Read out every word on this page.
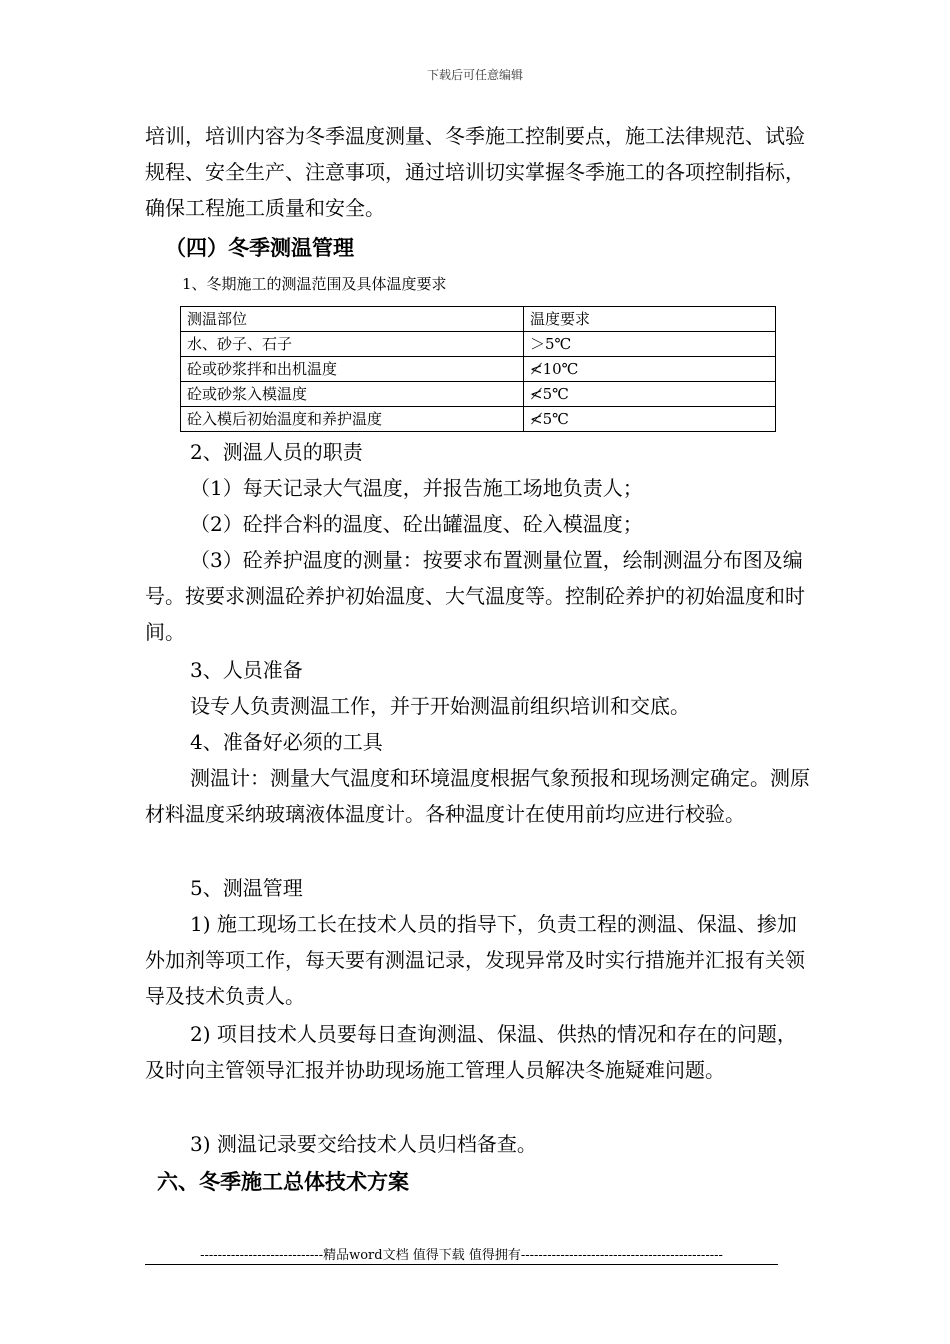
下载后可任意编辑

培训，培训内容为冬季温度测量、冬季施工控制要点，施工法律规范、试验规程、安全生产、注意事项，通过培训切实掌握冬季施工的各项控制指标，确保工程施工质量和安全。

（四）冬季测温管理

1、冬期施工的测温范围及具体温度要求

测温部位	温度要求
水、砂子、石子	＞5℃
砼或砂浆拌和出机温度	≮10℃
砼或砂浆入模温度	≮5℃
砼入模后初始温度和养护温度	≮5℃

2、测温人员的职责

（1）每天记录大气温度，并报告施工场地负责人；

（2）砼拌合料的温度、砼出罐温度、砼入模温度；

（3）砼养护温度的测量：按要求布置测量位置，绘制测温分布图及编号。按要求测温砼养护初始温度、大气温度等。控制砼养护的初始温度和时间。

3、人员准备

设专人负责测温工作，并于开始测温前组织培训和交底。

4、准备好必须的工具

测温计：测量大气温度和环境温度根据气象预报和现场测定确定。测原材料温度采纳玻璃液体温度计。各种温度计在使用前均应进行校验。

5、测温管理

1) 施工现场工长在技术人员的指导下，负责工程的测温、保温、掺加外加剂等项工作，每天要有测温记录，发现异常及时实行措施并汇报有关领导及技术负责人。

2) 项目技术人员要每日查询测温、保温、供热的情况和存在的问题，及时向主管领导汇报并协助现场施工管理人员解决冬施疑难问题。

3) 测温记录要交给技术人员归档备查。

六、冬季施工总体技术方案

----------------------------精品word文档 值得下载 值得拥有----------------------------------------------
